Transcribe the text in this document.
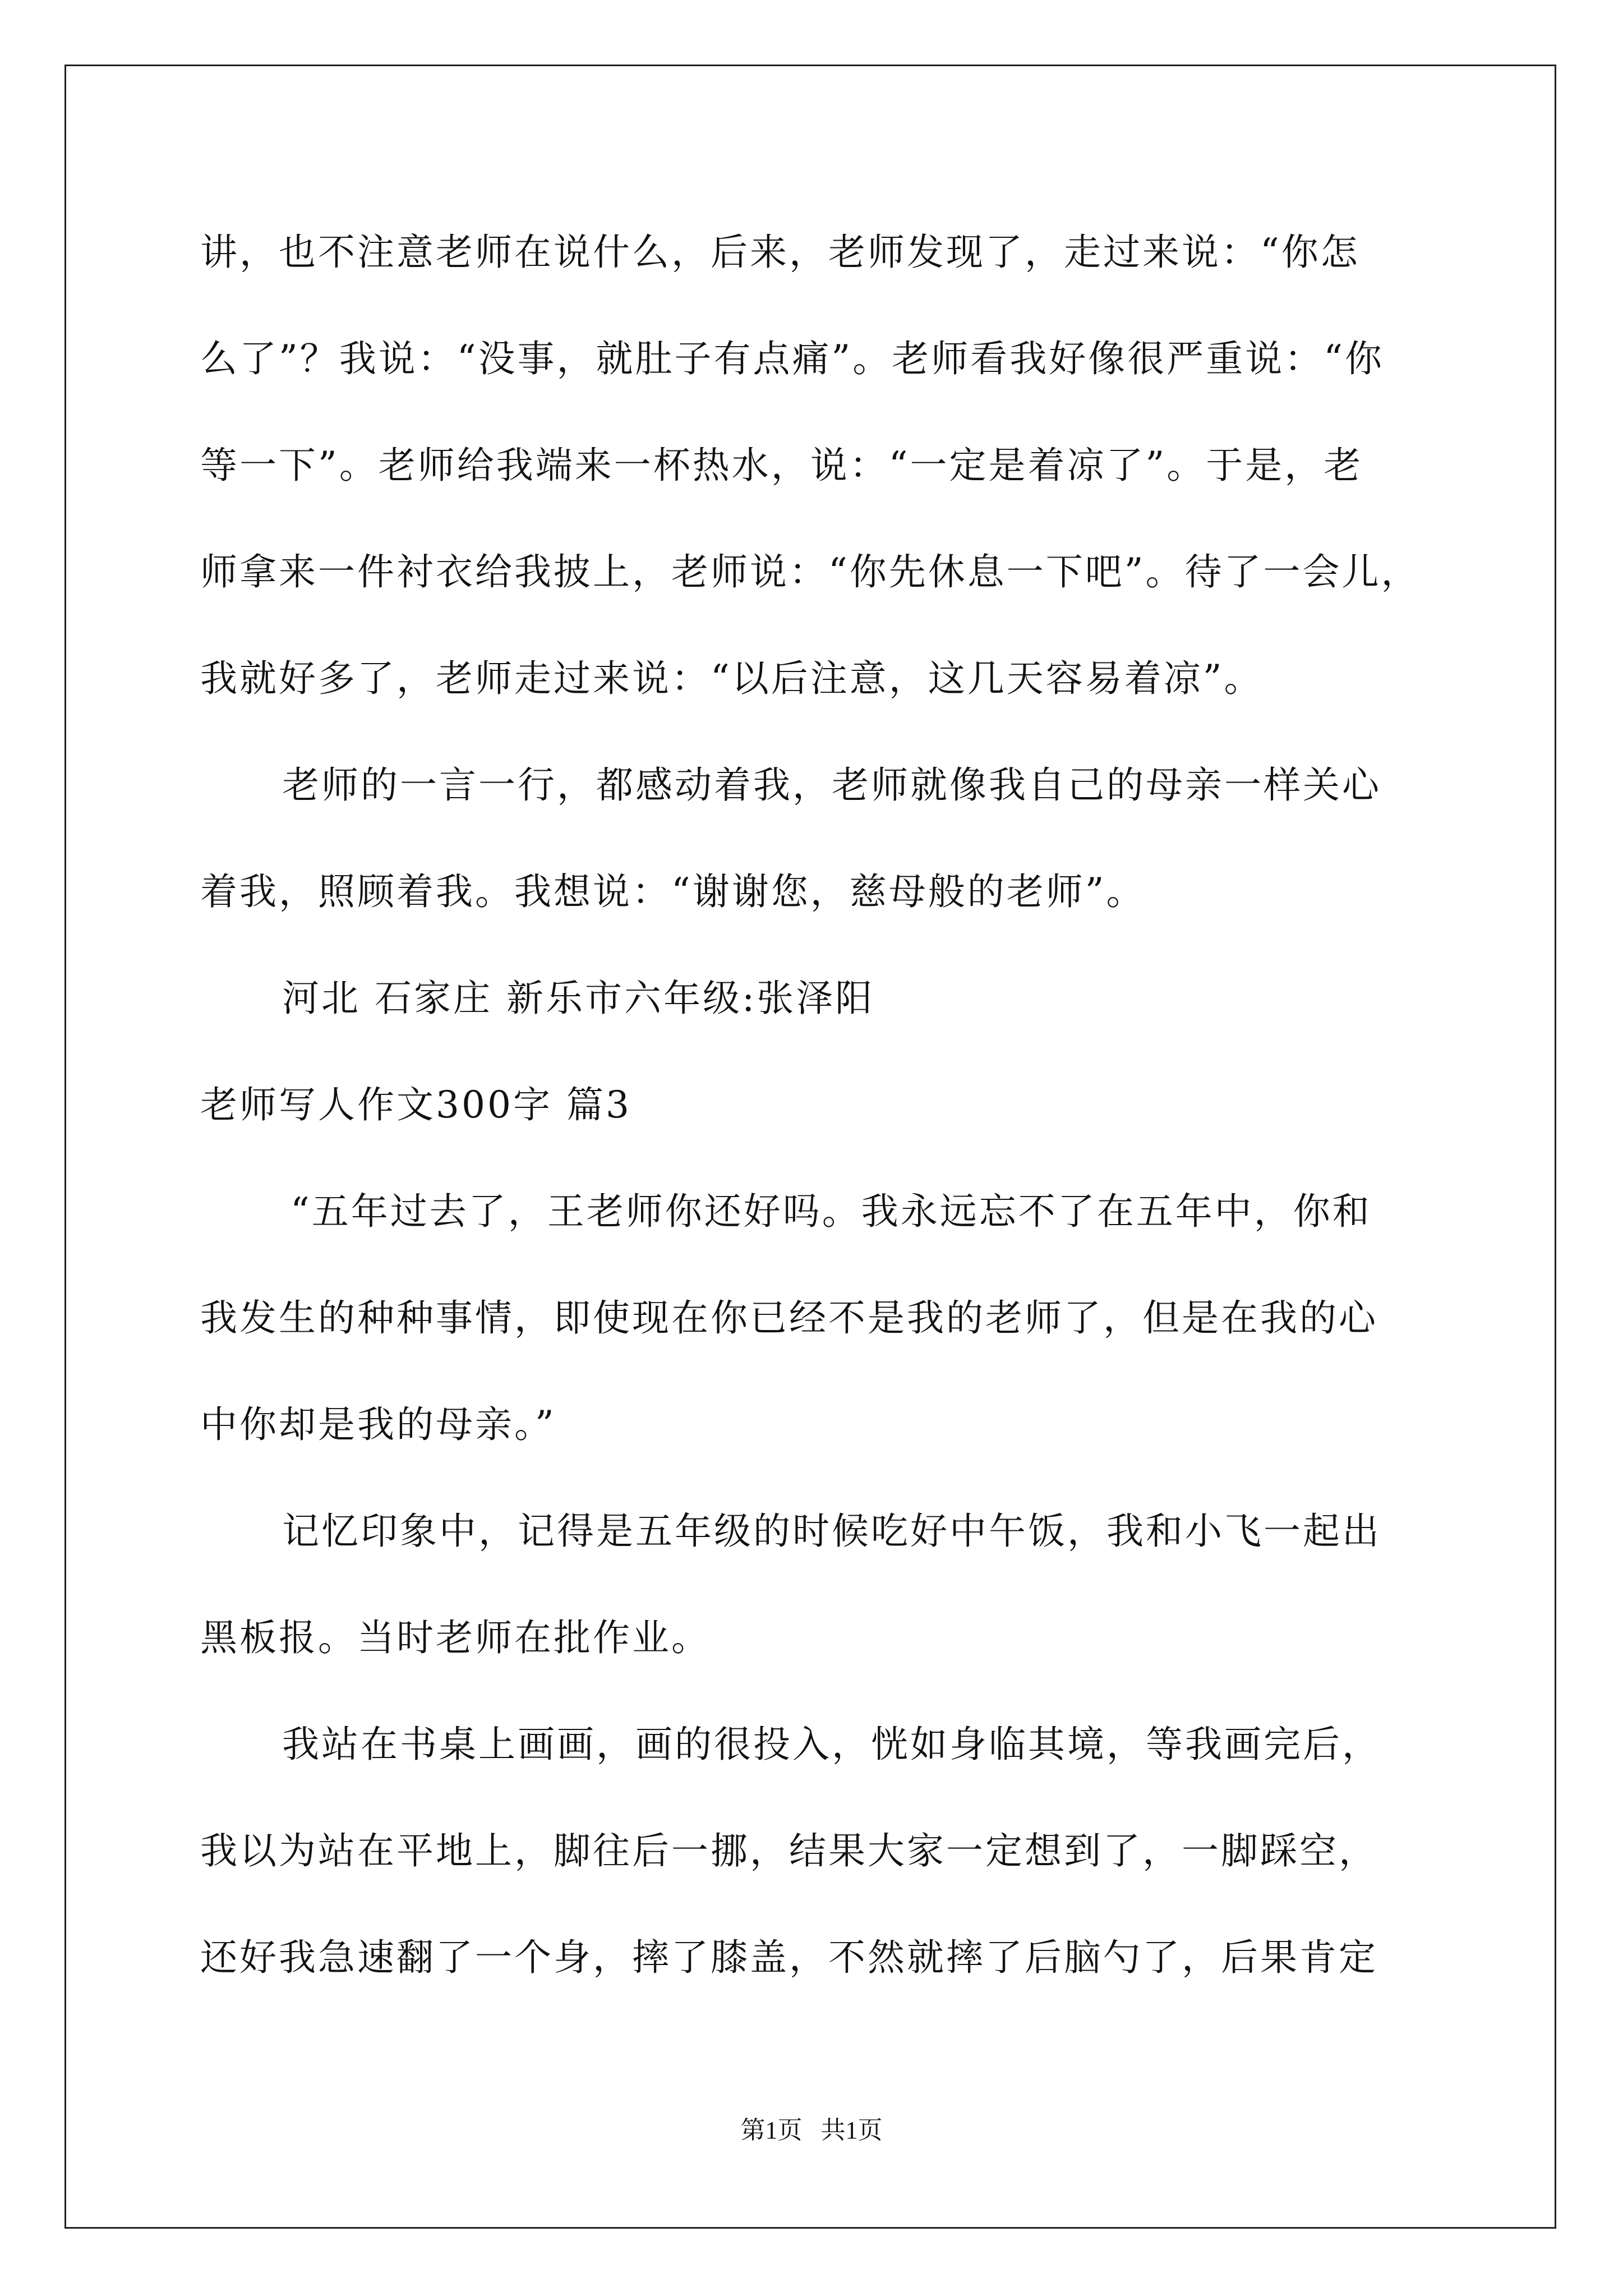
讲，也不注意老师在说什么，后来，老师发现了，走过来说：“你怎
么了”？我说：“没事，就肚子有点痛”。老师看我好像很严重说：“你
等一下”。老师给我端来一杯热水，说：“一定是着凉了”。于是，老
师拿来一件衬衣给我披上，老师说：“你先休息一下吧”。待了一会儿，
我就好多了，老师走过来说：“以后注意，这几天容易着凉”。
老师的一言一行，都感动着我，老师就像我自己的母亲一样关心
着我，照顾着我。我想说：“谢谢您，慈母般的老师”。
河北 石家庄 新乐市六年级:张泽阳
老师写人作文300字 篇3
“五年过去了，王老师你还好吗。我永远忘不了在五年中，你和
我发生的种种事情，即使现在你已经不是我的老师了，但是在我的心
中你却是我的母亲。”
记忆印象中，记得是五年级的时候吃好中午饭，我和小飞一起出
黑板报。当时老师在批作业。
我站在书桌上画画，画的很投入，恍如身临其境，等我画完后，
我以为站在平地上，脚往后一挪，结果大家一定想到了，一脚踩空，
还好我急速翻了一个身，摔了膝盖，不然就摔了后脑勺了，后果肯定
第1页   共1页
